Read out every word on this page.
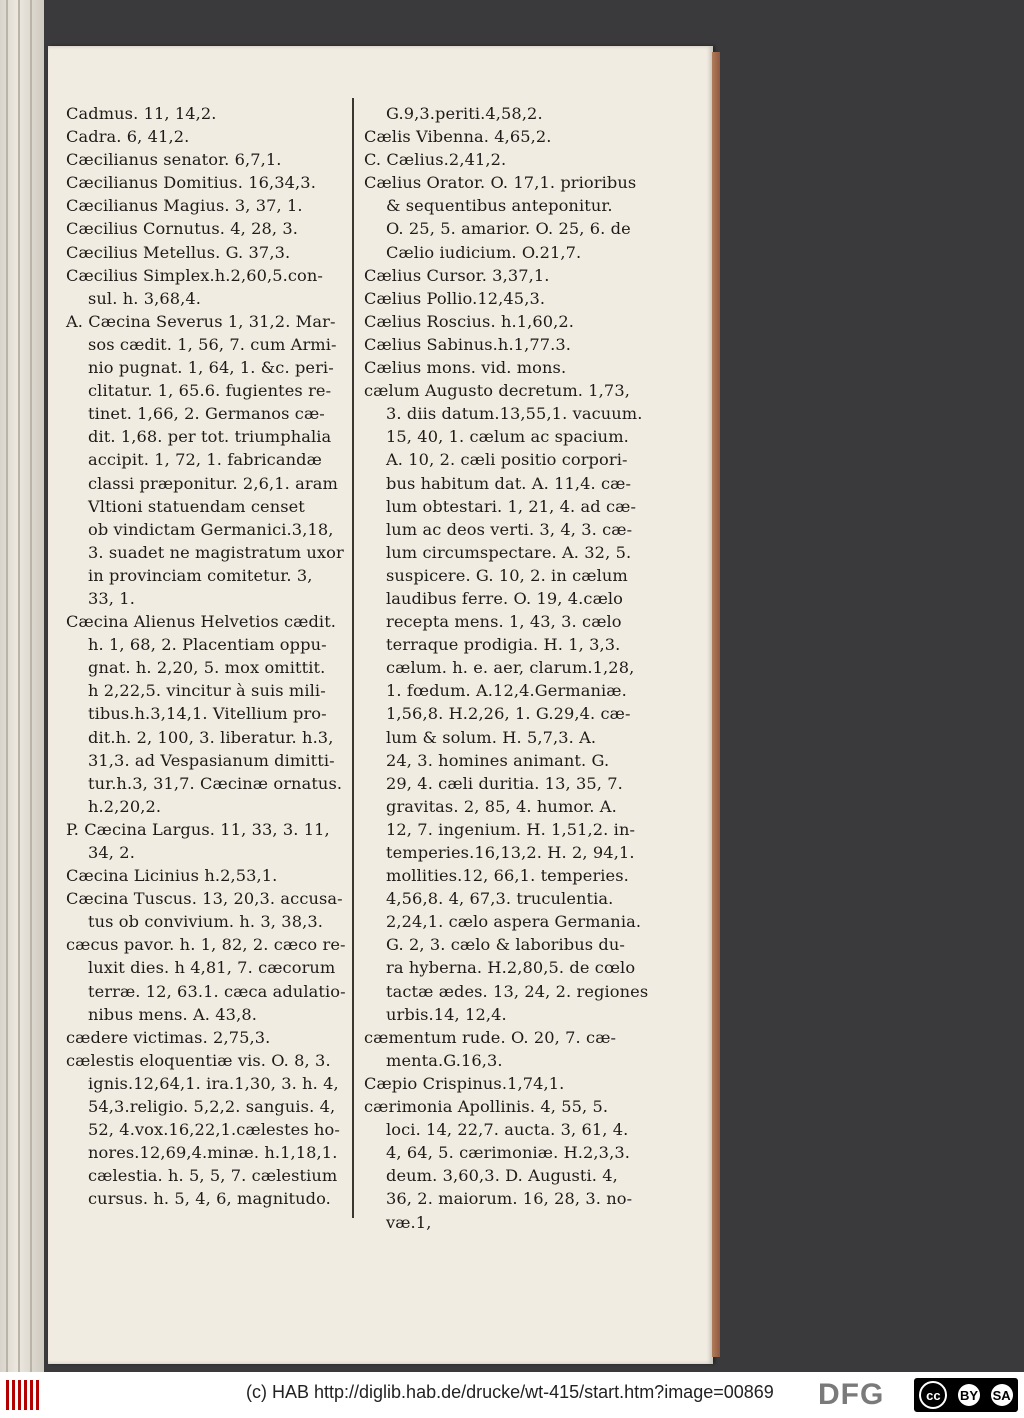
Cadmus. 11, 14,2.
Cadra. 6, 41,2.
Cæcilianus senator. 6,7,1.
Cæcilianus Domitius. 16,34,3.
Cæcilianus Magius. 3, 37, 1.
Cæcilius Cornutus. 4, 28, 3.
Cæcilius Metellus. G. 37,3.
Cæcilius Simplex.h.2,60,5.con-
sul. h. 3,68,4.
A. Cæcina Severus 1, 31,2. Mar-
sos cædit. 1, 56, 7. cum Armi-
nio pugnat. 1, 64, 1. &c. peri-
clitatur. 1, 65.6. fugientes re-
tinet. 1,66, 2. Germanos cæ-
dit. 1,68. per tot. triumphalia
accipit. 1, 72, 1. fabricandæ
classi præponitur. 2,6,1. aram
Vltioni statuendam censet
ob vindictam Germanici.3,18,
3. suadet ne magistratum uxor
in provinciam comitetur. 3,
33, 1.
Cæcina Alienus Helvetios cædit.
h. 1, 68, 2. Placentiam oppu-
gnat. h. 2,20, 5. mox omittit.
h 2,22,5. vincitur à suis mili-
tibus.h.3,14,1. Vitellium pro-
dit.h. 2, 100, 3. liberatur. h.3,
31,3. ad Vespasianum dimitti-
tur.h.3, 31,7. Cæcinæ ornatus.
h.2,20,2.
P. Cæcina Largus. 11, 33, 3. 11,
34, 2.
Cæcina Licinius h.2,53,1.
Cæcina Tuscus. 13, 20,3. accusa-
tus ob convivium. h. 3, 38,3.
cæcus pavor. h. 1, 82, 2. cæco re-
luxit dies. h 4,81, 7. cæcorum
terræ. 12, 63.1. cæca adulatio-
nibus mens. A. 43,8.
cædere victimas. 2,75,3.
cælestis eloquentiæ vis. O. 8, 3.
ignis.12,64,1. ira.1,30, 3. h. 4,
54,3.religio. 5,2,2. sanguis. 4,
52, 4.vox.16,22,1.cælestes ho-
nores.12,69,4.minæ. h.1,18,1.
cælestia. h. 5, 5, 7. cælestium
cursus. h. 5, 4, 6, magnitudo.
G.9,3.periti.4,58,2.
Cælis Vibenna. 4,65,2.
C. Cælius.2,41,2.
Cælius Orator. O. 17,1. prioribus
& sequentibus anteponitur.
O. 25, 5. amarior. O. 25, 6. de
Cælio iudicium. O.21,7.
Cælius Cursor. 3,37,1.
Cælius Pollio.12,45,3.
Cælius Roscius. h.1,60,2.
Cælius Sabinus.h.1,77.3.
Cælius mons. vid. mons.
cælum Augusto decretum. 1,73,
3. diis datum.13,55,1. vacuum.
15, 40, 1. cælum ac spacium.
A. 10, 2. cæli positio corpori-
bus habitum dat. A. 11,4. cæ-
lum obtestari. 1, 21, 4. ad cæ-
lum ac deos verti. 3, 4, 3. cæ-
lum circumspectare. A. 32, 5.
suspicere. G. 10, 2. in cælum
laudibus ferre. O. 19, 4.cælo
recepta mens. 1, 43, 3. cælo
terraque prodigia. H. 1, 3,3.
cælum. h. e. aer, clarum.1,28,
1. fœdum. A.12,4.Germaniæ.
1,56,8. H.2,26, 1. G.29,4. cæ-
lum & solum. H. 5,7,3. A.
24, 3. homines animant. G.
29, 4. cæli duritia. 13, 35, 7.
gravitas. 2, 85, 4. humor. A.
12, 7. ingenium. H. 1,51,2. in-
temperies.16,13,2. H. 2, 94,1.
mollities.12, 66,1. temperies.
4,56,8. 4, 67,3. truculentia.
2,24,1. cælo aspera Germania.
G. 2, 3. cælo & laboribus du-
ra hyberna. H.2,80,5. de cœlo
tactæ ædes. 13, 24, 2. regiones
urbis.14, 12,4.
cæmentum rude. O. 20, 7. cæ-
menta.G.16,3.
Cæpio Crispinus.1,74,1.
cærimonia Apollinis. 4, 55, 5.
loci. 14, 22,7. aucta. 3, 61, 4.
4, 64, 5. cærimoniæ. H.2,3,3.
deum. 3,60,3. D. Augusti. 4,
36, 2. maiorum. 16, 28, 3. no-
væ.1,
(c) HAB http://diglib.hab.de/drucke/wt-415/start.htm?image=00869 DFG	cc	BY SA
